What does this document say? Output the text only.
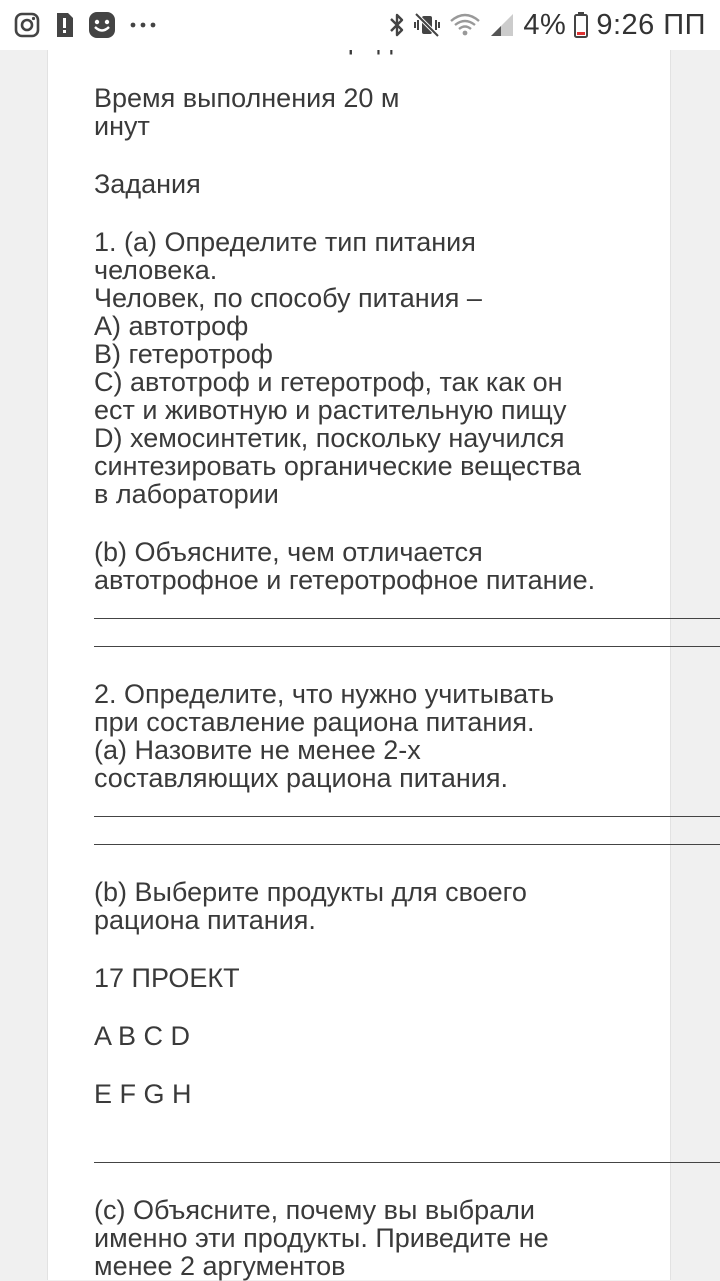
4% 9:26 ПП
Время выполнения 20 м
инут
Задания
1. (а) Определите тип питания
человека.
Человек, по способу питания –
А) автотроф
В) гетеротроф
С) автотроф и гетеротроф, так как он
ест и животную и растительную пищу
D) хемосинтетик, поскольку научился
синтезировать органические вещества
в лаборатории
(b) Объясните, чем отличается
автотрофное и гетеротрофное питание.
2. Определите, что нужно учитывать
при составление рациона питания.
(а) Назовите не менее 2-х
составляющих рациона питания.
(b) Выберите продукты для своего
рациона питания.
17 ПРОЕКТ
A B C D
E F G H
(с) Объясните, почему вы выбрали
именно эти продукты. Приведите не
менее 2 аргументов
